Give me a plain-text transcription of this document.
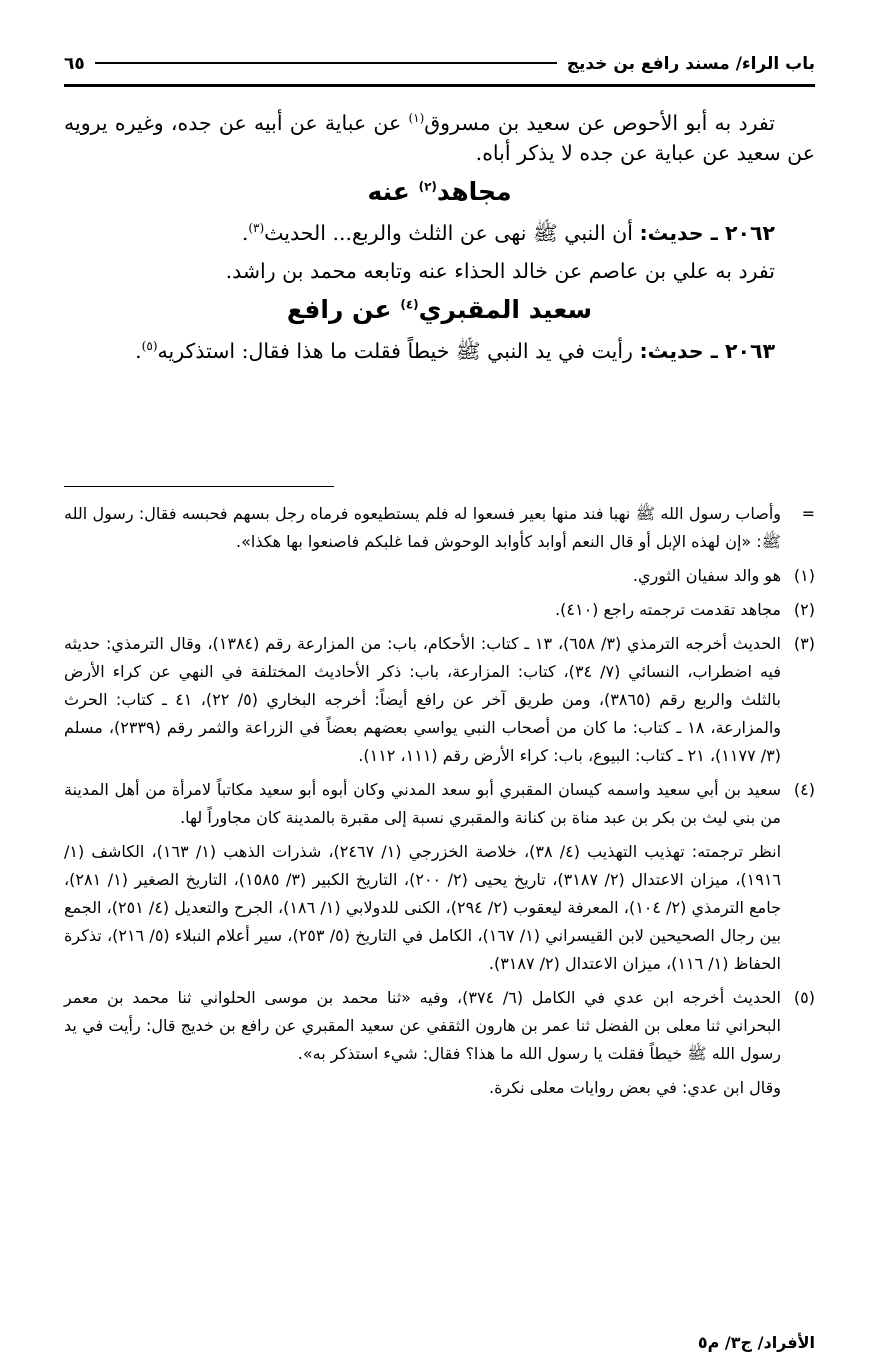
باب الراء/ مسند رافع بن خديج
٦٥

تفرد به أبو الأحوص عن سعيد بن مسروق$^{(١)}$ عن عباية عن أبيه عن جده، وغيره يرويه عن سعيد عن عباية عن جده لا يذكر أباه.

مجاهد$^{(٢)}$ عنه

٢٠٦٢ ـ حديث: أن النبي ﷺ نهى عن الثلث والربع... الحديث$^{(٣)}$.

تفرد به علي بن عاصم عن خالد الحذاء عنه وتابعه محمد بن راشد.

سعيد المقبري$^{(٤)}$ عن رافع

٢٠٦٣ ـ حديث: رأيت في يد النبي ﷺ خيطاً فقلت ما هذا فقال: استذكريه$^{(٥)}$.

=

وأصاب رسول الله ﷺ نهبا فند منها بعير فسعوا له فلم يستطيعوه فرماه رجل بسهم فحبسه فقال: رسول الله ﷺ: «إن لهذه الإبل أو قال النعم أوابد كأوابد الوحوش فما غلبكم فاصنعوا بها هكذا».

(١)

هو والد سفيان الثوري.

(٢)

مجاهد تقدمت ترجمته راجع (٤١٠).

(٣)

الحديث أخرجه الترمذي (٣/ ٦٥٨)، ١٣ ـ كتاب: الأحكام، باب: من المزارعة رقم (١٣٨٤)، وقال الترمذي: حديثه فيه اضطراب، النسائي (٧/ ٣٤)، كتاب: المزارعة، باب: ذكر الأحاديث المختلفة في النهي عن كراء الأرض بالثلث والربع رقم (٣٨٦٥)، ومن طريق آخر عن رافع أيضاً: أخرجه البخاري (٥/ ٢٢)، ٤١ ـ كتاب: الحرث والمزارعة، ١٨ ـ كتاب: ما كان من أصحاب النبي يواسي بعضهم بعضاً في الزراعة والثمر رقم (٢٣٣٩)، مسلم (٣/ ١١٧٧)، ٢١ ـ كتاب: البيوع، باب: كراء الأرض رقم (١١١، ١١٢).

(٤)

سعيد بن أبي سعيد واسمه كيسان المقبري أبو سعد المدني وكان أبوه أبو سعيد مكاتباً لامرأة من أهل المدينة من بني ليث بن بكر بن عبد مناة بن كنانة والمقبري نسبة إلى مقبرة بالمدينة كان مجاوراً لها.

انظر ترجمته: تهذيب التهذيب (٤/ ٣٨)، خلاصة الخزرجي (١/ ٢٤٦٧)، شذرات الذهب (١/ ١٦٣)، الكاشف (١/ ١٩١٦)، ميزان الاعتدال (٢/ ٣١٨٧)، تاريخ يحيى (٢/ ٢٠٠)، التاريخ الكبير (٣/ ١٥٨٥)، التاريخ الصغير (١/ ٢٨١)، جامع الترمذي (٢/ ١٠٤)، المعرفة ليعقوب (٢/ ٢٩٤)، الكنى للدولابي (١/ ١٨٦)، الجرح والتعديل (٤/ ٢٥١)، الجمع بين رجال الصحيحين لابن القيسراني (١/ ١٦٧)، الكامل في التاريخ (٥/ ٢٥٣)، سير أعلام النبلاء (٥/ ٢١٦)، تذكرة الحفاظ (١/ ١١٦)، ميزان الاعتدال (٢/ ٣١٨٧).

(٥)

الحديث أخرجه ابن عدي في الكامل (٦/ ٣٧٤)، وفيه «ثنا محمد بن موسى الحلواني ثنا محمد بن معمر البحراني ثنا معلى بن الفضل ثنا عمر بن هارون الثقفي عن سعيد المقبري عن رافع بن خديج قال: رأيت في يد رسول الله ﷺ خيطاً فقلت يا رسول الله ما هذا؟ فقال: شيء استذكر به».

وقال ابن عدي: في بعض روايات معلى نكرة.

الأفراد/ ج٣/ م٥
